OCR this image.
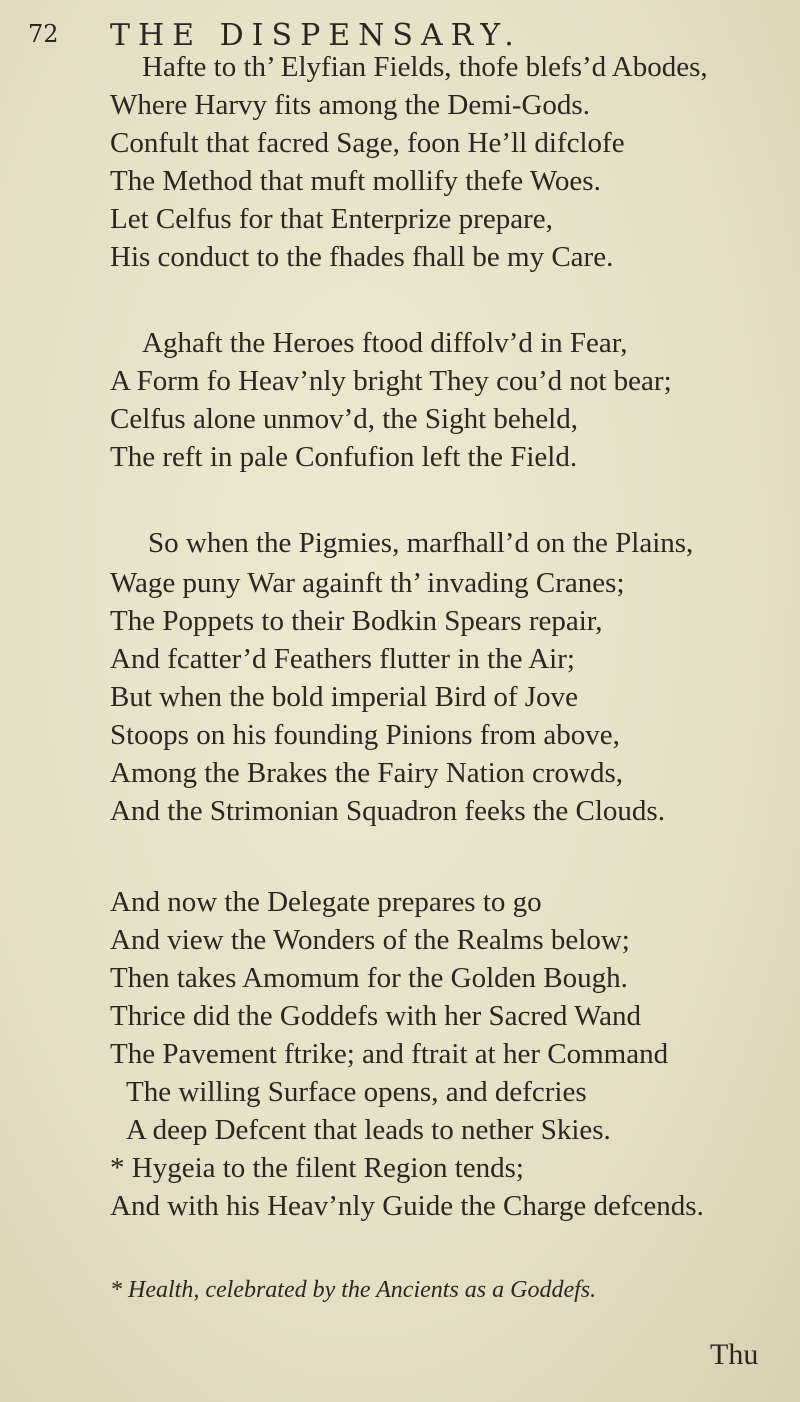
72 THE DISPENSARY.
Hafte to th’ Elyfian Fields, thofe blefs’d Abodes,
Where Harvy fits among the Demi-Gods.
Confult that facred Sage, foon He’ll difclofe
The Method that muft mollify thefe Woes.
Let Celfus for that Enterprize prepare,
His conduct to the fhades fhall be my Care.
Aghaft the Heroes ftood diffolv’d in Fear,
A Form fo Heav’nly bright They cou’d not bear;
Celfus alone unmov’d, the Sight beheld,
The reft in pale Confufion left the Field.
So when the Pigmies, marfhall’d on the Plains,
Wage puny War againft th’ invading Cranes;
The Poppets to their Bodkin Spears repair,
And fcatter’d Feathers flutter in the Air;
But when the bold imperial Bird of Jove
Stoops on his founding Pinions from above,
Among the Brakes the Fairy Nation crowds,
And the Strimonian Squadron feeks the Clouds.
And now the Delegate prepares to go
And view the Wonders of the Realms below;
Then takes Amomum for the Golden Bough.
Thrice did the Goddefs with her Sacred Wand
The Pavement ftrike; and ftrait at her Command
The willing Surface opens, and defcries
A deep Defcent that leads to nether Skies.
* Hygeia to the filent Region tends;
And with his Heav’nly Guide the Charge defcends.
* Health, celebrated by the Ancients as a Goddefs.
Thu
